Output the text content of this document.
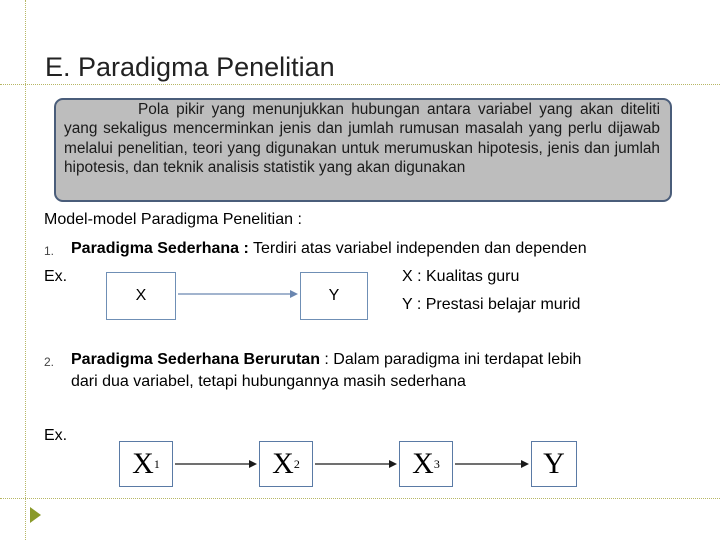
E. Paradigma Penelitian
Pola pikir yang menunjukkan hubungan antara variabel yang akan diteliti yang sekaligus mencerminkan jenis dan jumlah rumusan masalah yang perlu dijawab melalui penelitian, teori yang digunakan untuk merumuskan hipotesis, jenis dan jumlah hipotesis, dan teknik analisis statistik yang akan digunakan
Model-model Paradigma Penelitian :
1. Paradigma Sederhana : Terdiri atas variabel independen dan dependen
Ex.
X	Y
X : Kualitas guru
Y : Prestasi belajar murid
2. Paradigma Sederhana Berurutan : Dalam paradigma ini terdapat lebih
dari dua variabel, tetapi hubungannya masih sederhana
Ex.
X 1	X 2	X 3	Y
